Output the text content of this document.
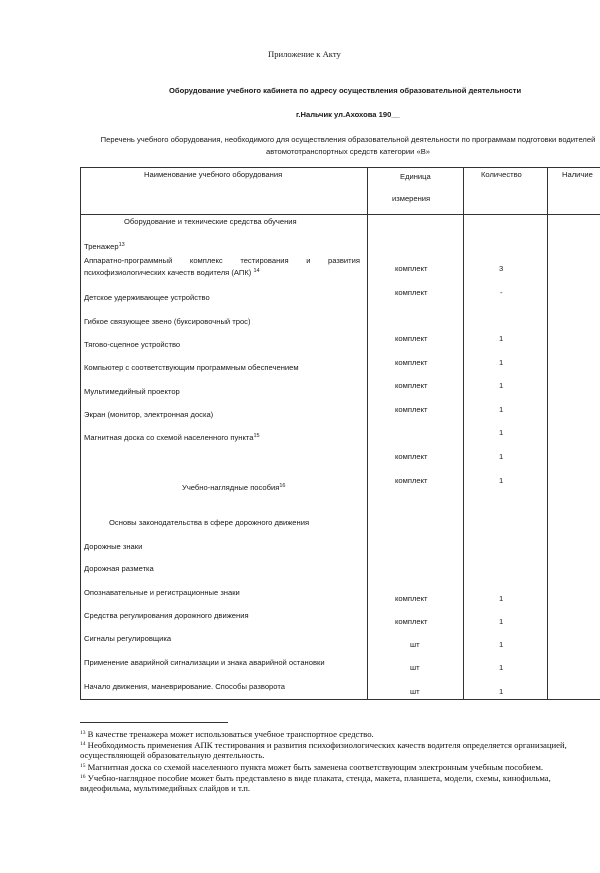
Приложение к Акту
Оборудование учебного кабинета по адресу осуществления образовательной деятельности
г.Нальчик ул.Ахохова 190__
Перечень учебного оборудования, необходимого для осуществления образовательной деятельности по программам подготовки водителей автомототранспортных средств категории «В»
Наименование учебного оборудования	Единица
измерения
Количество	Наличие
Оборудование и технические средства обучения
Тренажер$^{13}$
Аппаратно-программный комплекс тестирования и развития
психофизиологических качеств водителя (АПК) $^{14}$
Детское удерживающее устройство
Гибкое связующее звено (буксировочный трос)
Тягово-сцепное устройство
Компьютер с соответствующим программным обеспечением
Мультимедийный проектор
Экран (монитор, электронная доска)
Магнитная доска со схемой населенного пункта$^{15}$
Учебно-наглядные пособия$^{16}$
Основы законодательства в сфере дорожного движения
Дорожные знаки
Дорожная разметка
Опознавательные и регистрационные знаки
Средства регулирования дорожного движения
Сигналы регулировщика
Применение аварийной сигнализации и знака аварийной остановки
Начало движения, маневрирование. Способы разворота
комплект
комплект
комплект
комплект
комплект
комплект
комплект
комплект
комплект
комплект
шт
шт
шт
3
-
1
1
1
1
1
1
1
1
1
1
1
1
$^{13}$ В качестве тренажера может использоваться учебное транспортное средство.
$^{14}$ Необходимость применения АПК тестирования и развития психофизиологических качеств водителя определяется организацией, осуществляющей образовательную деятельность.
$^{15}$ Магнитная доска со схемой населенного пункта может быть заменена соответствующим электронным учебным пособием.
$^{16}$ Учебно-наглядное пособие может быть представлено в виде плаката, стенда, макета, планшета, модели, схемы, кинофильма, видеофильма, мультимедийных слайдов и т.п.
